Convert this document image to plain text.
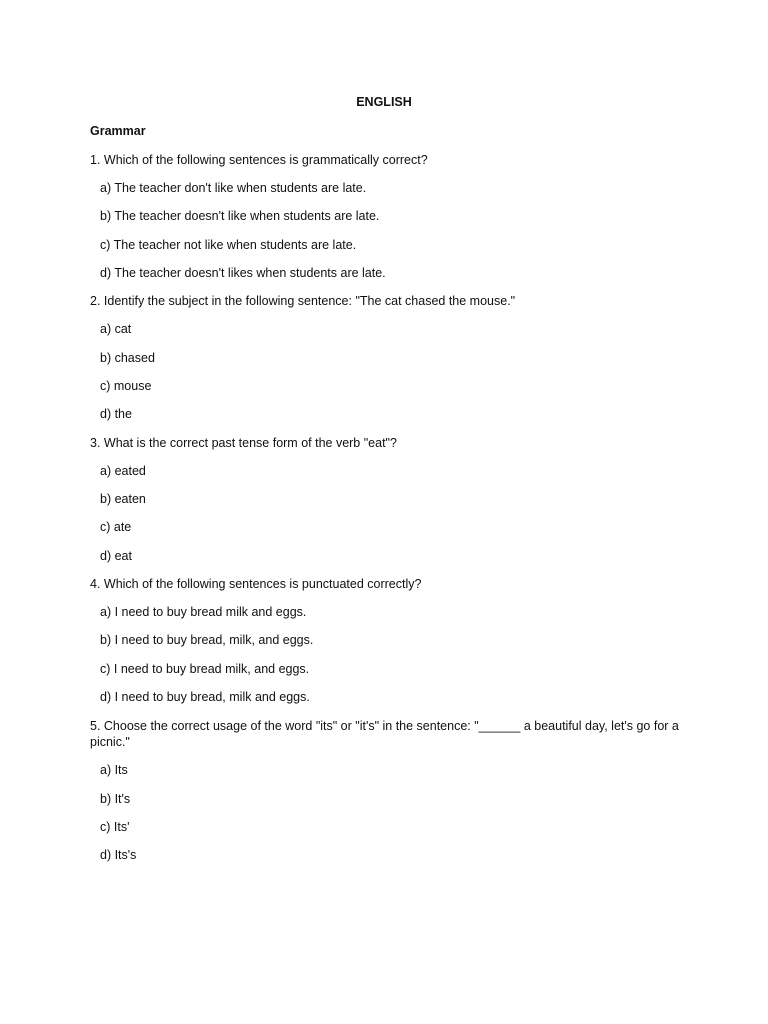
ENGLISH
Grammar
1. Which of the following sentences is grammatically correct?
a) The teacher don't like when students are late.
b) The teacher doesn't like when students are late.
c) The teacher not like when students are late.
d) The teacher doesn't likes when students are late.
2. Identify the subject in the following sentence: "The cat chased the mouse."
a) cat
b) chased
c) mouse
d) the
3. What is the correct past tense form of the verb "eat"?
a) eated
b) eaten
c) ate
d) eat
4. Which of the following sentences is punctuated correctly?
a) I need to buy bread milk and eggs.
b) I need to buy bread, milk, and eggs.
c) I need to buy bread milk, and eggs.
d) I need to buy bread, milk and eggs.
5. Choose the correct usage of the word "its" or "it's" in the sentence: "______ a beautiful day, let's go for a picnic."
a) Its
b) It's
c) Its'
d) Its's
